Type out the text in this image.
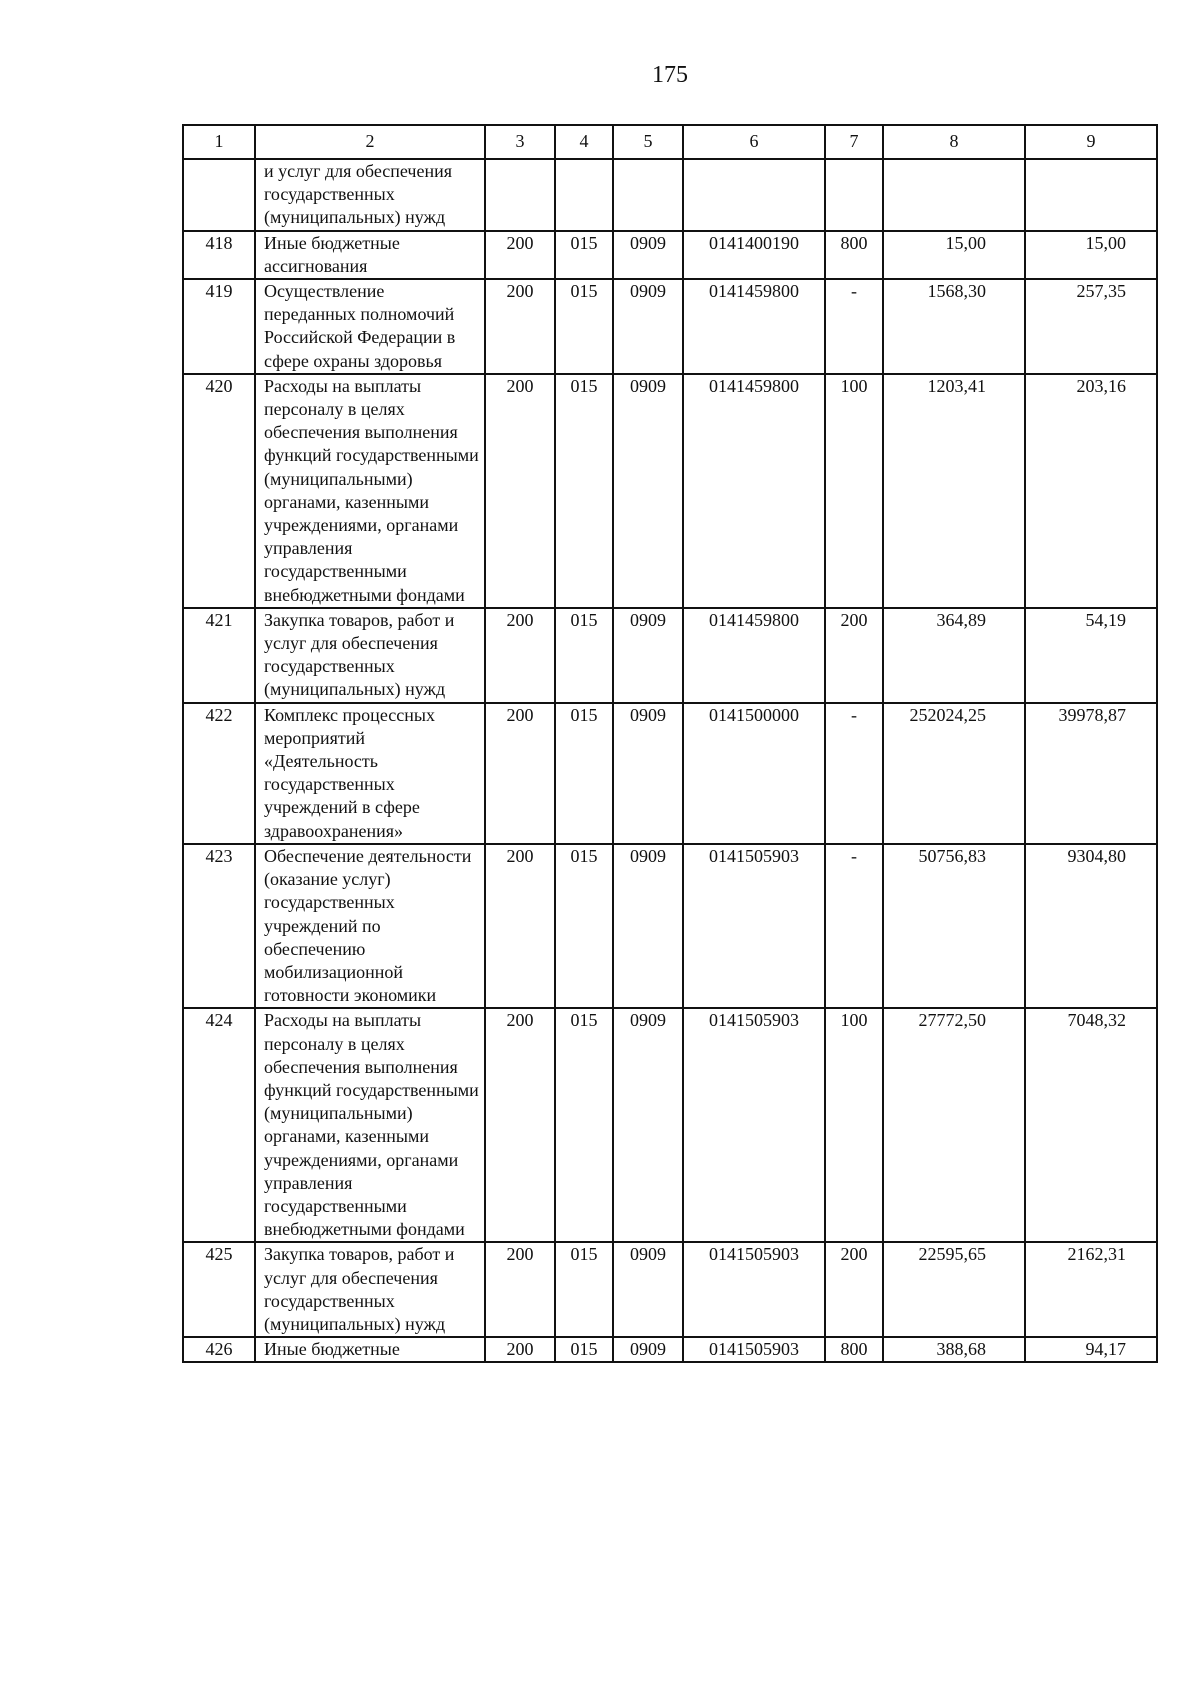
175
1	2	3	4	5	6	7	8	9
	и услуг для обеспечения государственных (муниципальных) нужд							
418	Иные бюджетные ассигнования	200	015	0909	0141400190	800	15,00	15,00
419	Осуществление переданных полномочий Российской Федерации в сфере охраны здоровья	200	015	0909	0141459800	-	1568,30	257,35
420	Расходы на выплаты персоналу в целях обеспечения выполнения функций государственными (муниципальными) органами, казенными учреждениями, органами управления государственными внебюджетными фондами	200	015	0909	0141459800	100	1203,41	203,16
421	Закупка товаров, работ и услуг для обеспечения государственных (муниципальных) нужд	200	015	0909	0141459800	200	364,89	54,19
422	Комплекс процессных мероприятий «Деятельность государственных учреждений в сфере здравоохранения»	200	015	0909	0141500000	-	252024,25	39978,87
423	Обеспечение деятельности (оказание услуг) государственных учреждений по обеспечению мобилизационной готовности экономики	200	015	0909	0141505903	-	50756,83	9304,80
424	Расходы на выплаты персоналу в целях обеспечения выполнения функций государственными (муниципальными) органами, казенными учреждениями, органами управления государственными внебюджетными фондами	200	015	0909	0141505903	100	27772,50	7048,32
425	Закупка товаров, работ и услуг для обеспечения государственных (муниципальных) нужд	200	015	0909	0141505903	200	22595,65	2162,31
426	Иные бюджетные	200	015	0909	0141505903	800	388,68	94,17
